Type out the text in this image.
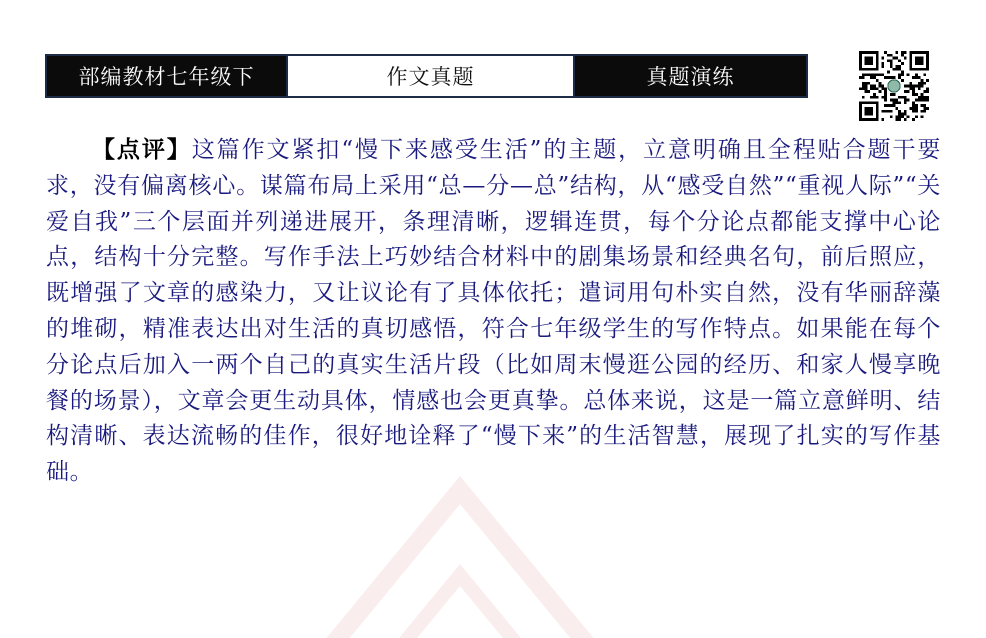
部编教材七年级下	作文真题	真题演练

【点评】这篇作文紧扣“慢下来感受生活”的主题，立意明确且全程贴合题干要求，没有偏离核心。谋篇布局上采用“总—分—总”结构，从“感受自然”“重视人际”“关爱自我”三个层面并列递进展开，条理清晰，逻辑连贯，每个分论点都能支撑中心论点，结构十分完整。写作手法上巧妙结合材料中的剧集场景和经典名句，前后照应，既增强了文章的感染力，又让议论有了具体依托；遣词用句朴实自然，没有华丽辞藻的堆砌，精准表达出对生活的真切感悟，符合七年级学生的写作特点。如果能在每个分论点后加入一两个自己的真实生活片段（比如周末慢逛公园的经历、和家人慢享晚餐的场景），文章会更生动具体，情感也会更真挚。总体来说，这是一篇立意鲜明、结构清晰、表达流畅的佳作，很好地诠释了“慢下来”的生活智慧，展现了扎实的写作基础。
